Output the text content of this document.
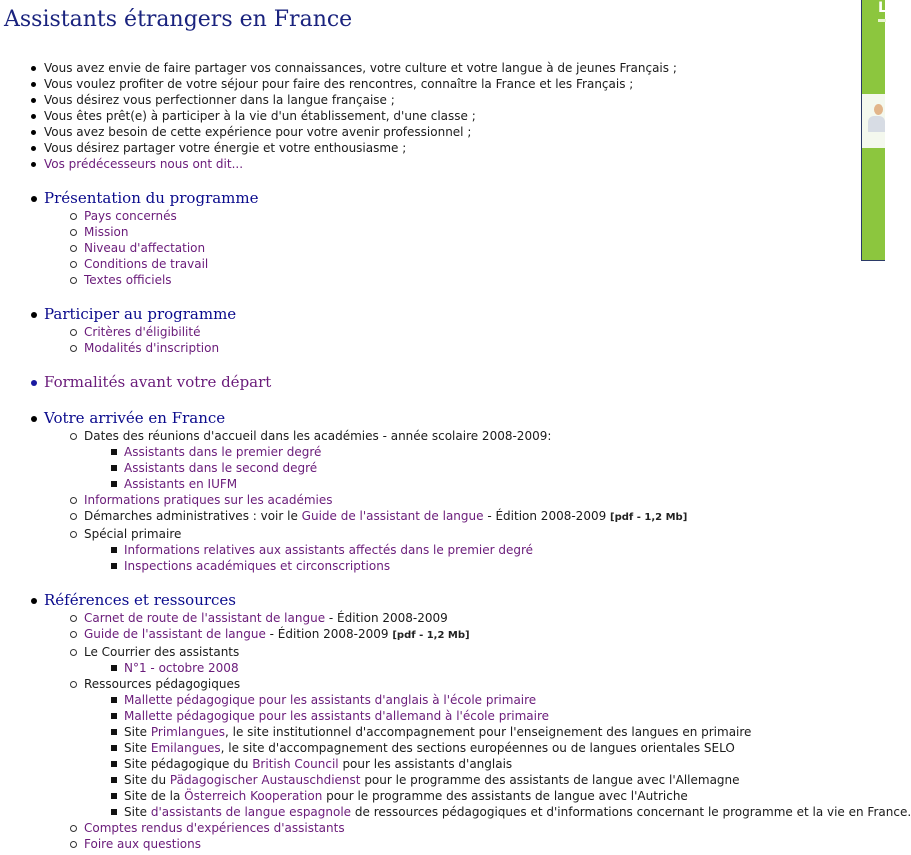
Assistants étrangers en France	L
Vous avez envie de faire partager vos connaissances, votre culture et votre langue à de jeunes Français ;
Vous voulez profiter de votre séjour pour faire des rencontres, connaître la France et les Français ;
Vous désirez vous perfectionner dans la langue française ;
Vous êtes prêt(e) à participer à la vie d'un établissement, d'une classe ;
Vous avez besoin de cette expérience pour votre avenir professionnel ;
Vous désirez partager votre énergie et votre enthousiasme ;
Vos prédécesseurs nous ont dit...
Présentation du programme
Pays concernés
Mission
Niveau d'affectation
Conditions de travail
Textes officiels
Participer au programme
Critères d'éligibilité
Modalités d'inscription
Formalités avant votre départ
Votre arrivée en France
Dates des réunions d'accueil dans les académies - année scolaire 2008-2009:
Assistants dans le premier degré
Assistants dans le second degré
Assistants en IUFM
Informations pratiques sur les académies
Démarches administratives : voir le Guide de l'assistant de langue - Édition 2008-2009 [pdf - 1,2 Mb]
Spécial primaire
Informations relatives aux assistants affectés dans le premier degré
Inspections académiques et circonscriptions
Références et ressources
Carnet de route de l'assistant de langue - Édition 2008-2009
Guide de l'assistant de langue - Édition 2008-2009 [pdf - 1,2 Mb]
Le Courrier des assistants
N°1 - octobre 2008
Ressources pédagogiques
Mallette pédagogique pour les assistants d'anglais à l'école primaire
Mallette pédagogique pour les assistants d'allemand à l'école primaire
Site Primlangues, le site institutionnel d'accompagnement pour l'enseignement des langues en primaire
Site Emilangues, le site d'accompagnement des sections européennes ou de langues orientales SELO
Site pédagogique du British Council pour les assistants d'anglais
Site du Pädagogischer Austauschdienst pour le programme des assistants de langue avec l'Allemagne
Site de la Österreich Kooperation pour le programme des assistants de langue avec l'Autriche
Site d'assistants de langue espagnole de ressources pédagogiques et d'informations concernant le programme et la vie en France.
Comptes rendus d'expériences d'assistants
Foire aux questions
